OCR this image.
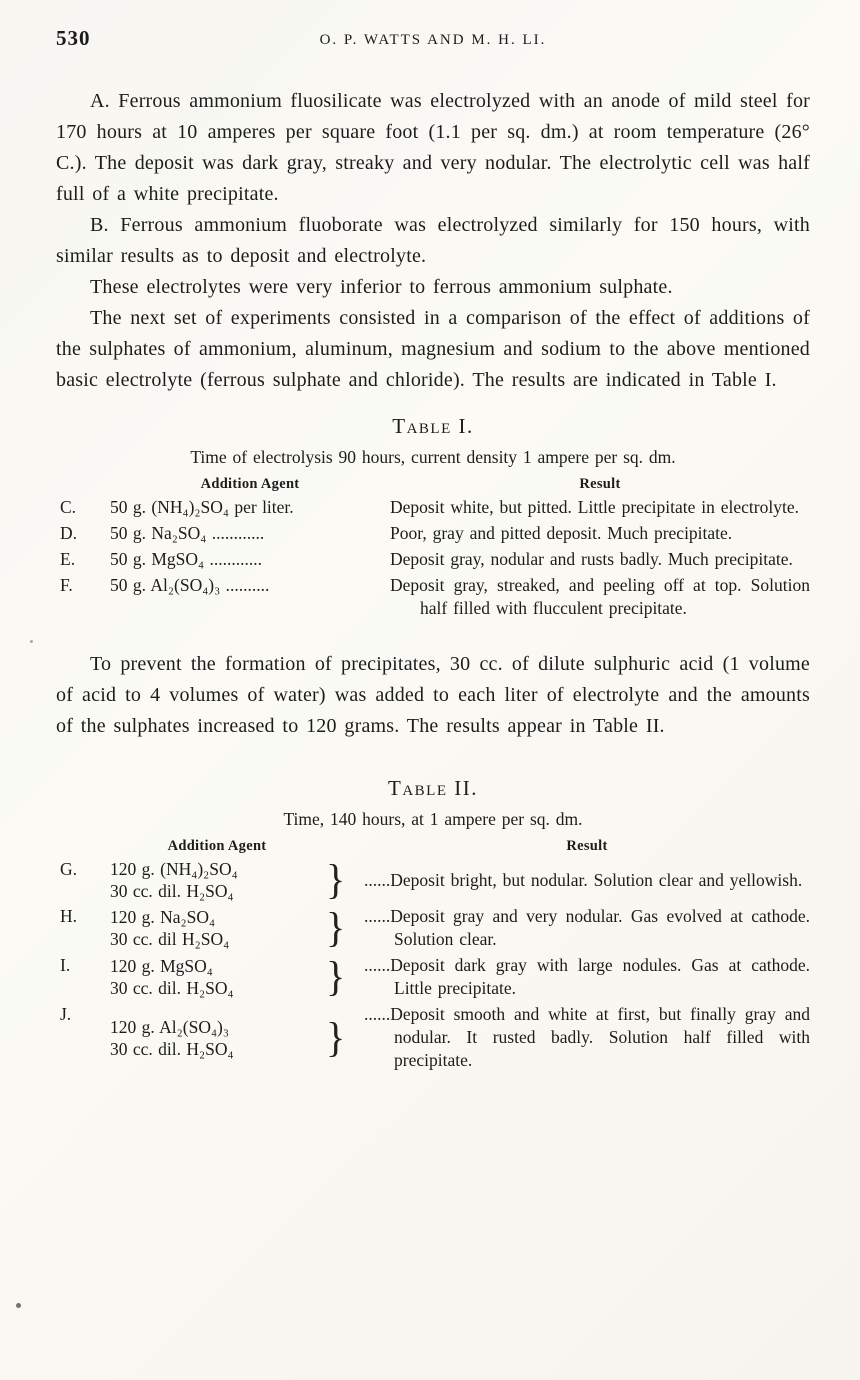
530	O. P. WATTS AND M. H. LI.

A. Ferrous ammonium fluosilicate was electrolyzed with an anode of mild steel for 170 hours at 10 amperes per square foot (1.1 per sq. dm.) at room temperature (26° C.). The deposit was dark gray, streaky and very nodular. The electrolytic cell was half full of a white precipitate.

B. Ferrous ammonium fluoborate was electrolyzed similarly for 150 hours, with similar results as to deposit and electrolyte.

These electrolytes were very inferior to ferrous ammonium sulphate.

The next set of experiments consisted in a comparison of the effect of additions of the sulphates of ammonium, aluminum, magnesium and sodium to the above mentioned basic electrolyte (ferrous sulphate and chloride). The results are indicated in Table I.

Table I.
Time of electrolysis 90 hours, current density 1 ampere per sq. dm.
Addition Agent	Result
C.	50 g. (NH₄)₂SO₄ per liter.	Deposit white, but pitted. Little precipitate in electrolyte.
D.	50 g. Na₂SO₄ ............	Poor, gray and pitted deposit. Much precipitate.
E.	50 g. MgSO₄ ............	Deposit gray, nodular and rusts badly. Much precipitate.
F.	50 g. Al₂(SO₄)₃ ..........	Deposit gray, streaked, and peeling off at top. Solution half filled with flucculent precipitate.

To prevent the formation of precipitates, 30 cc. of dilute sulphuric acid (1 volume of acid to 4 volumes of water) was added to each liter of electrolyte and the amounts of the sulphates increased to 120 grams. The results appear in Table II.

Table II.
Time, 140 hours, at 1 ampere per sq. dm.
Addition Agent	Result
G.	120 g. (NH₄)₂SO₄
30 cc. dil. H₂SO₄	} ......Deposit bright, but nodular. Solution clear and yellowish.
H.	120 g. Na₂SO₄
30 cc. dil H₂SO₄	} ......Deposit gray and very nodular. Gas evolved at cathode. Solution clear.
I.	120 g. MgSO₄
30 cc. dil. H₂SO₄	} ......Deposit dark gray with large nodules. Gas at cathode. Little precipitate.
J.
120 g. Al₂(SO₄)₃
30 cc. dil. H₂SO₄	} ......Deposit smooth and white at first, but finally gray and nodular. It rusted badly. Solution half filled with precipitate.
